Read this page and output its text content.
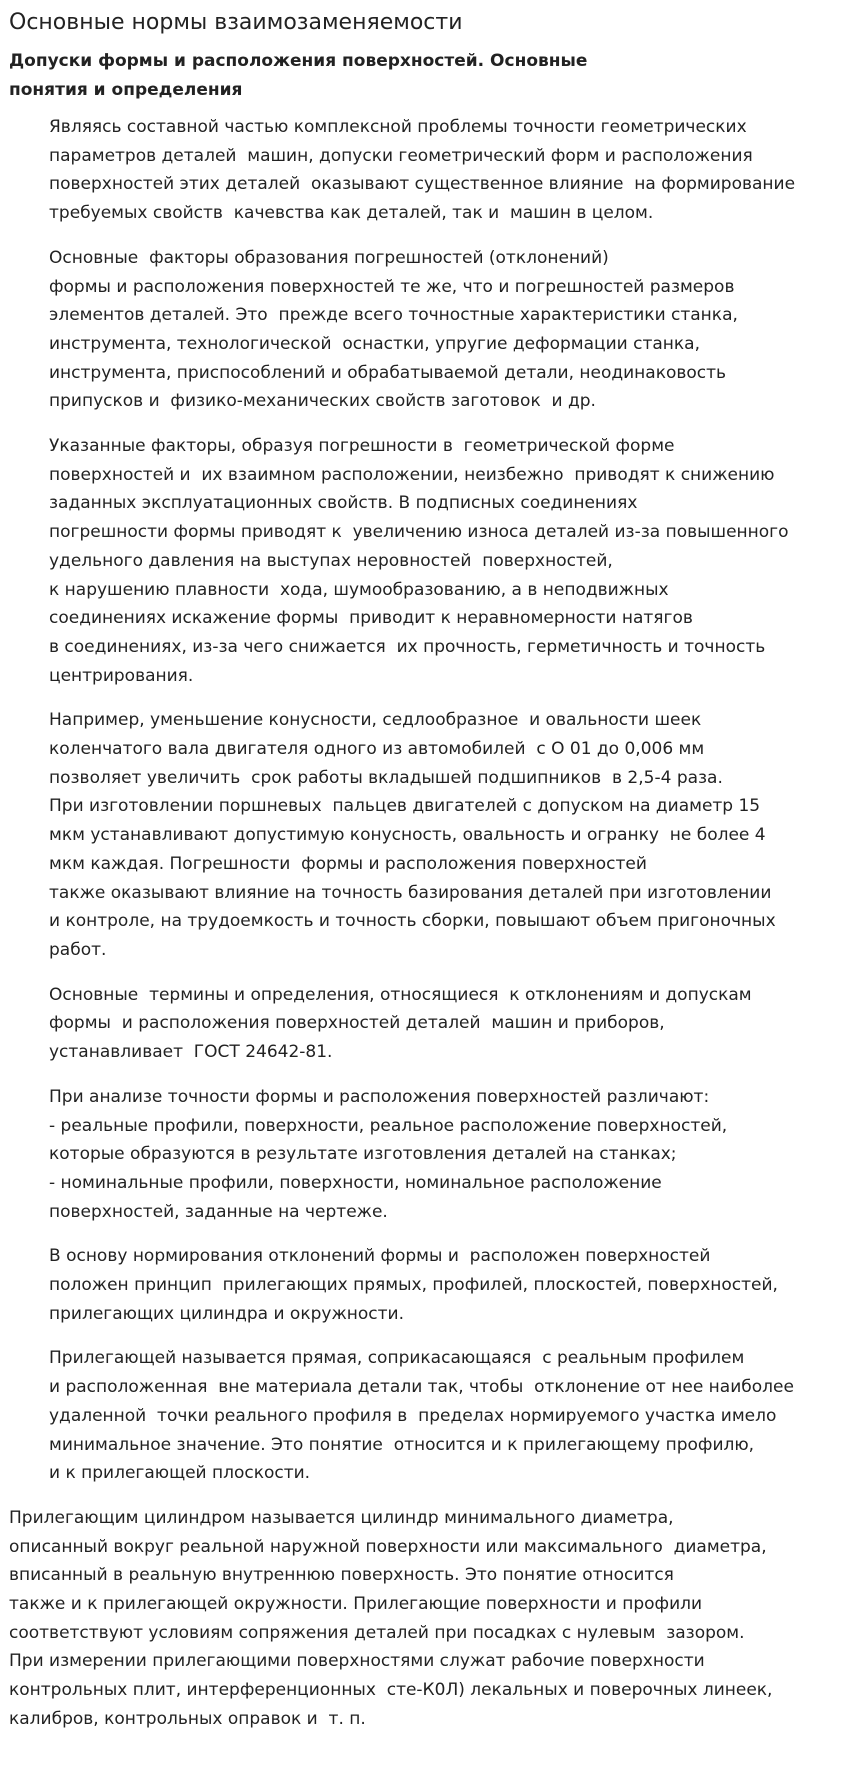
Основные нормы взаимозаменяемости
Допуски формы и расположения поверхностей. Основные
понятия и определения

Являясь составной частью комплексной проблемы точности геометрических
параметров деталей  машин, допуски геометрический форм и расположения
поверхностей этих деталей  оказывают существенное влияние  на формирование
требуемых свойств  качевства как деталей, так и  машин в целом.

Основные  факторы образования погрешностей (отклонений)
формы и расположения поверхностей те же, что и погрешностей размеров
элементов деталей. Это  прежде всего точностные характеристики станка,
инструмента, технологической  оснастки, упругие деформации станка,
инструмента, приспособлений и обрабатываемой детали, неодинаковость
припусков и  физико-механических свойств заготовок  и др.

Указанные факторы, образуя погрешности в  геометрической форме
поверхностей и  их взаимном расположении, неизбежно  приводят к снижению
заданных эксплуатационных свойств. В подписных соединениях
погрешности формы приводят к  увеличению износа деталей из-за повышенного
удельного давления на выступах неровностей  поверхностей,
к нарушению плавности  хода, шумообразованию, а в неподвижных
соединениях искажение формы  приводит к неравномерности натягов
в соединениях, из-за чего снижается  их прочность, герметичность и точность
центрирования.

Например, уменьшение конусности, седлообразное  и овальности шеек
коленчатого вала двигателя одного из автомобилей  с О 01 до 0,006 мм
позволяет увеличить  срок работы вкладышей подшипников  в 2,5-4 раза.
При изготовлении поршневых  пальцев двигателей с допуском на диаметр 15
мкм устанавливают допустимую конусность, овальность и огранку  не более 4
мкм каждая. Погрешности  формы и расположения поверхностей
также оказывают влияние на точность базирования деталей при изготовлении
и контроле, на трудоемкость и точность сборки, повышают объем пригоночных
работ.

Основные  термины и определения, относящиеся  к отклонениям и допускам
формы  и расположения поверхностей деталей  машин и приборов,
устанавливает  ГОСТ 24642-81.

При анализе точности формы и расположения поверхностей различают:
- реальные профили, поверхности, реальное расположение поверхностей,
которые образуются в результате изготовления деталей на станках;
- номинальные профили, поверхности, номинальное расположение
поверхностей, заданные на чертеже.

В основу нормирования отклонений формы и  расположен поверхностей
положен принцип  прилегающих прямых, профилей, плоскостей, поверхностей,
прилегающих цилиндра и окружности.

Прилегающей называется прямая, соприкасающаяся  с реальным профилем
и расположенная  вне материала детали так, чтобы  отклонение от нее наиболее
удаленной  точки реального профиля в  пределах нормируемого участка имело
минимальное значение. Это понятие  относится и к прилегающему профилю,
и к прилегающей плоскости.

Прилегающим цилиндром называется цилиндр минимального диаметра,
описанный вокруг реальной наружной поверхности или максимального  диаметра,
вписанный в реальную внутреннюю поверхность. Это понятие относится
также и к прилегающей окружности. Прилегающие поверхности и профили
соответствуют условиям сопряжения деталей при посадках с нулевым  зазором.
При измерении прилегающими поверхностями служат рабочие поверхности
контрольных плит, интерференционных  сте-К0Л) лекальных и поверочных линеек,
калибров, контрольных оправок и  т. п.
